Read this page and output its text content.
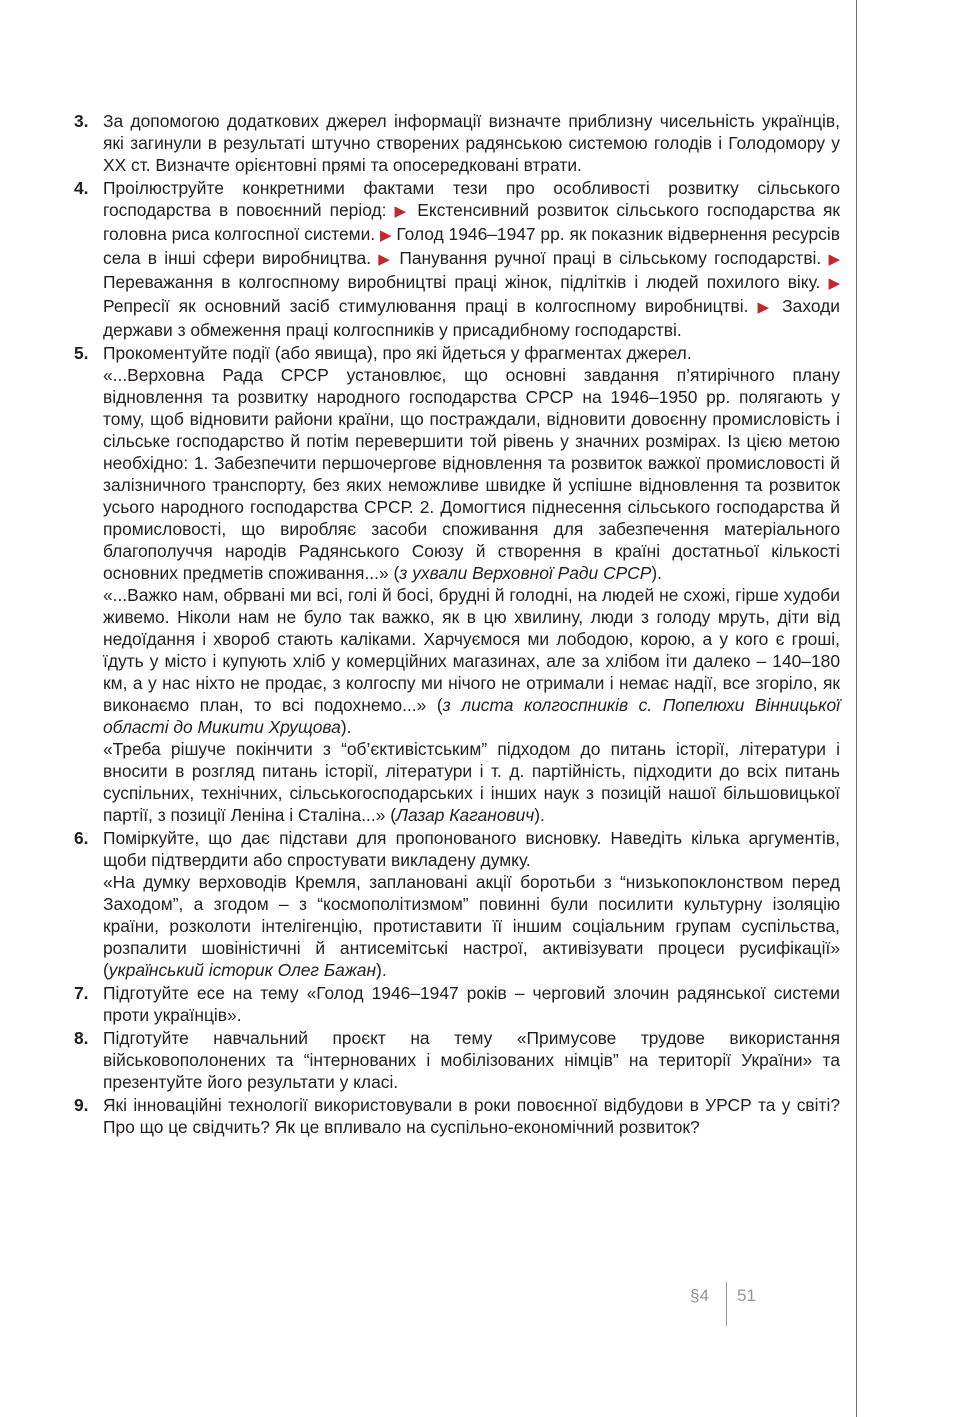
3. За допомогою додаткових джерел інформації визначте приблизну чисельність українців, які загинули в результаті штучно створених радянською системою голодів і Голодомору у ХХ ст. Визначте орієнтовні прямі та опосередковані втрати.

4. Проілюструйте конкретними фактами тези про особливості розвитку сільського господарства в повоєнний період: ▶ Екстенсивний розвиток сільського господарства як головна риса колгоспної системи. ▶ Голод 1946–1947 рр. як показник відвернення ресурсів села в інші сфери виробництва. ▶ Панування ручної праці в сільському господарстві. ▶ Переважання в колгоспному виробництві праці жінок, підлітків і людей похилого віку. ▶ Репресії як основний засіб стимулювання праці в колгоспному виробництві. ▶ Заходи держави з обмеження праці колгоспників у присадибному господарстві.

5. Прокоментуйте події (або явища), про які йдеться у фрагментах джерел.

«...Верховна Рада СРСР установлює, що основні завдання п’ятирічного плану відновлення та розвитку народного господарства СРСР на 1946–1950 рр. полягають у тому, щоб відновити райони країни, що постраждали, відновити довоєнну промисловість і сільське господарство й потім перевершити той рівень у значних розмірах. Із цією метою необхідно: 1. Забезпечити першочергове відновлення та розвиток важкої промисловості й залізничного транспорту, без яких неможливе швидке й успішне відновлення та розвиток усього народного господарства СРСР. 2. Домогтися піднесення сільського господарства й промисловості, що виробляє засоби споживання для забезпечення матеріального благополуччя народів Радянського Союзу й створення в країні достатньої кількості основних предметів споживання...» (з ухвали Верховної Ради СРСР).

«...Важко нам, обрвані ми всі, голі й босі, брудні й голодні, на людей не схожі, гірше худоби живемо. Ніколи нам не було так важко, як в цю хвилину, люди з голоду мруть, діти від недоїдання і хвороб стають каліками. Харчуємося ми лободою, корою, а у кого є гроші, їдуть у місто і купують хліб у комерційних магазинах, але за хлібом іти далеко – 140–180 км, а у нас ніхто не продає, з колгоспу ми нічого не отримали і немає надії, все згоріло, як виконаємо план, то всі подохнемо...» (з листа колгоспників с. Попелюхи Вінницької області до Микити Хрущова).

«Треба рішуче покінчити з “об’єктивістським” підходом до питань історії, літератури і вносити в розгляд питань історії, літератури і т. д. партійність, підходити до всіх питань суспільних, технічних, сільськогосподарських і інших наук з позицій нашої більшовицької партії, з позиції Леніна і Сталіна...» (Лазар Каганович).

6. Поміркуйте, що дає підстави для пропонованого висновку. Наведіть кілька аргументів, щоби підтвердити або спростувати викладену думку.

«На думку верховодів Кремля, заплановані акції боротьби з “низькопоклонством перед Заходом”, а згодом – з “космополітизмом” повинні були посилити культурну ізоляцію країни, розколоти інтелігенцію, протиставити її іншим соціальним групам суспільства, розпалити шовіністичні й антисемітські настрої, активізувати процеси русифікації» (український історик Олег Бажан).

7. Підготуйте есе на тему «Голод 1946–1947 років – черговий злочин радянської системи проти українців».

8. Підготуйте навчальний проєкт на тему «Примусове трудове використання військовополонених та “інтернованих і мобілізованих німців” на території України» та презентуйте його результати у класі.

9. Які інноваційні технології використовували в роки повоєнної відбудови в УРСР та у світі? Про що це свідчить? Як це впливало на суспільно-економічний розвиток?

§4 51
